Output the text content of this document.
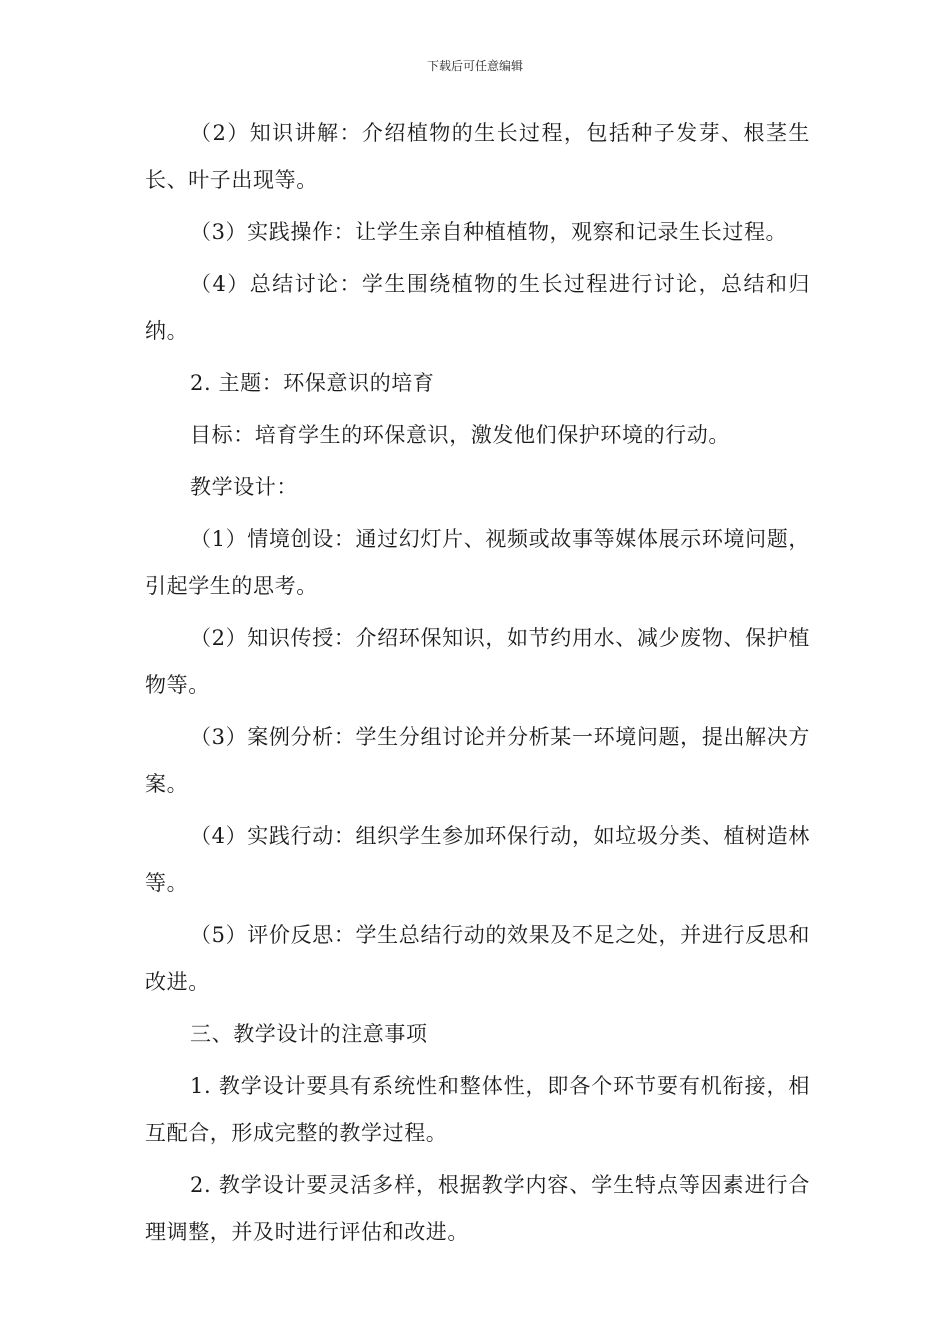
下载后可任意编辑

（2）知识讲解：介绍植物的生长过程，包括种子发芽、根茎生长、叶子出现等。

（3）实践操作：让学生亲自种植植物，观察和记录生长过程。

（4）总结讨论：学生围绕植物的生长过程进行讨论，总结和归纳。

2. 主题：环保意识的培育

目标：培育学生的环保意识，激发他们保护环境的行动。

教学设计：

（1）情境创设：通过幻灯片、视频或故事等媒体展示环境问题，引起学生的思考。

（2）知识传授：介绍环保知识，如节约用水、减少废物、保护植物等。

（3）案例分析：学生分组讨论并分析某一环境问题，提出解决方案。

（4）实践行动：组织学生参加环保行动，如垃圾分类、植树造林等。

（5）评价反思：学生总结行动的效果及不足之处，并进行反思和改进。

三、教学设计的注意事项

1. 教学设计要具有系统性和整体性，即各个环节要有机衔接，相互配合，形成完整的教学过程。

2. 教学设计要灵活多样，根据教学内容、学生特点等因素进行合理调整，并及时进行评估和改进。
